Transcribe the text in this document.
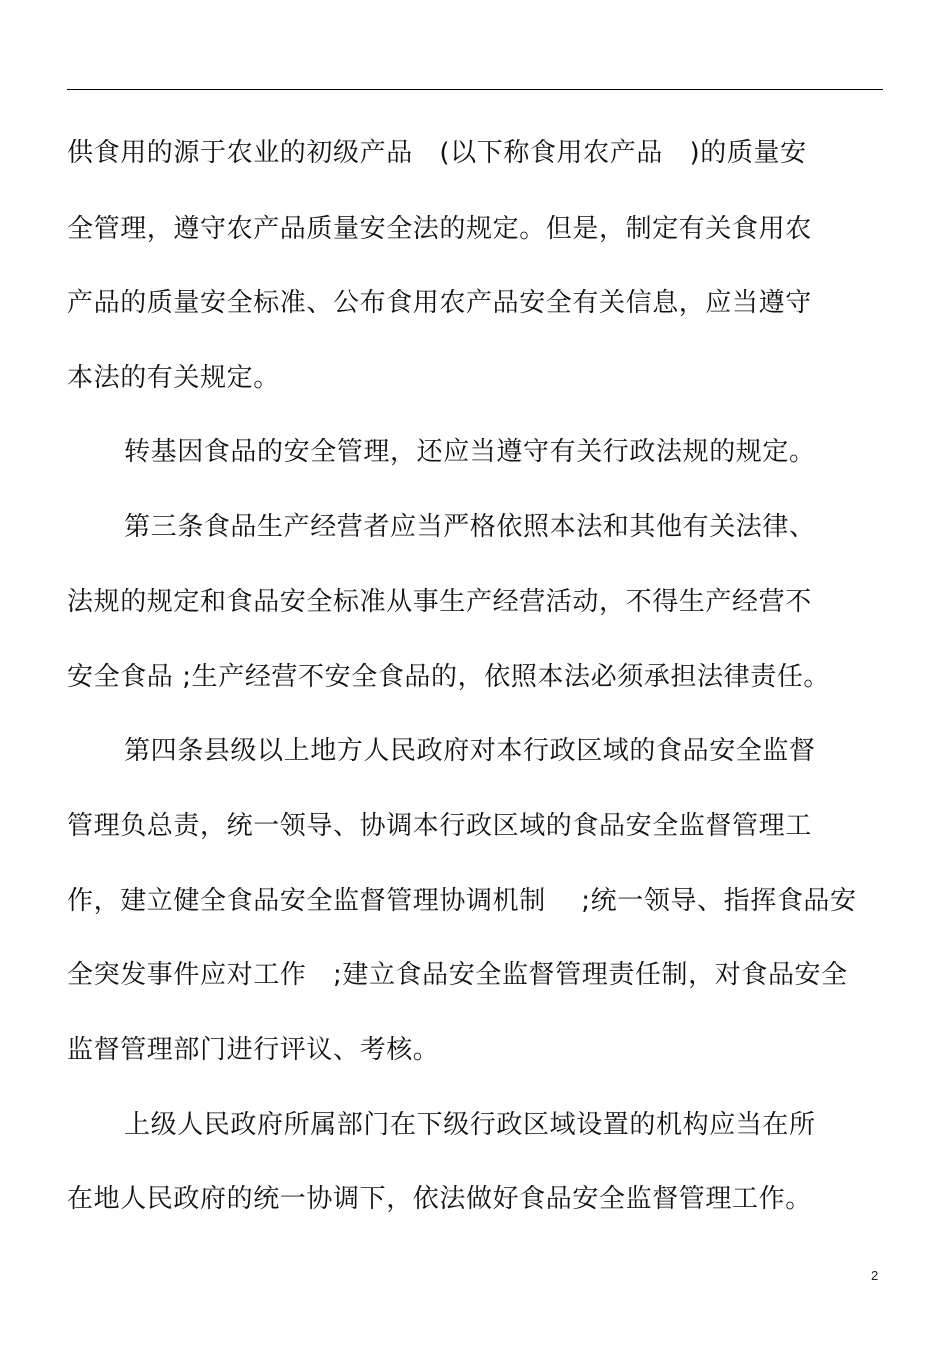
供食用的源于农业的初级产品　(以下称食用农产品　)的质量安
全管理，遵守农产品质量安全法的规定。但是，制定有关食用农
产品的质量安全标准、公布食用农产品安全有关信息，应当遵守
本法的有关规定。
转基因食品的安全管理，还应当遵守有关行政法规的规定。
第三条食品生产经营者应当严格依照本法和其他有关法律、
法规的规定和食品安全标准从事生产经营活动，不得生产经营不
安全食品 ;生产经营不安全食品的，依照本法必须承担法律责任。
第四条县级以上地方人民政府对本行政区域的食品安全监督
管理负总责，统一领导、协调本行政区域的食品安全监督管理工
作，建立健全食品安全监督管理协调机制　 ;统一领导、指挥食品安
全突发事件应对工作　;建立食品安全监督管理责任制，对食品安全
监督管理部门进行评议、考核。
上级人民政府所属部门在下级行政区域设置的机构应当在所
在地人民政府的统一协调下，依法做好食品安全监督管理工作。
2
